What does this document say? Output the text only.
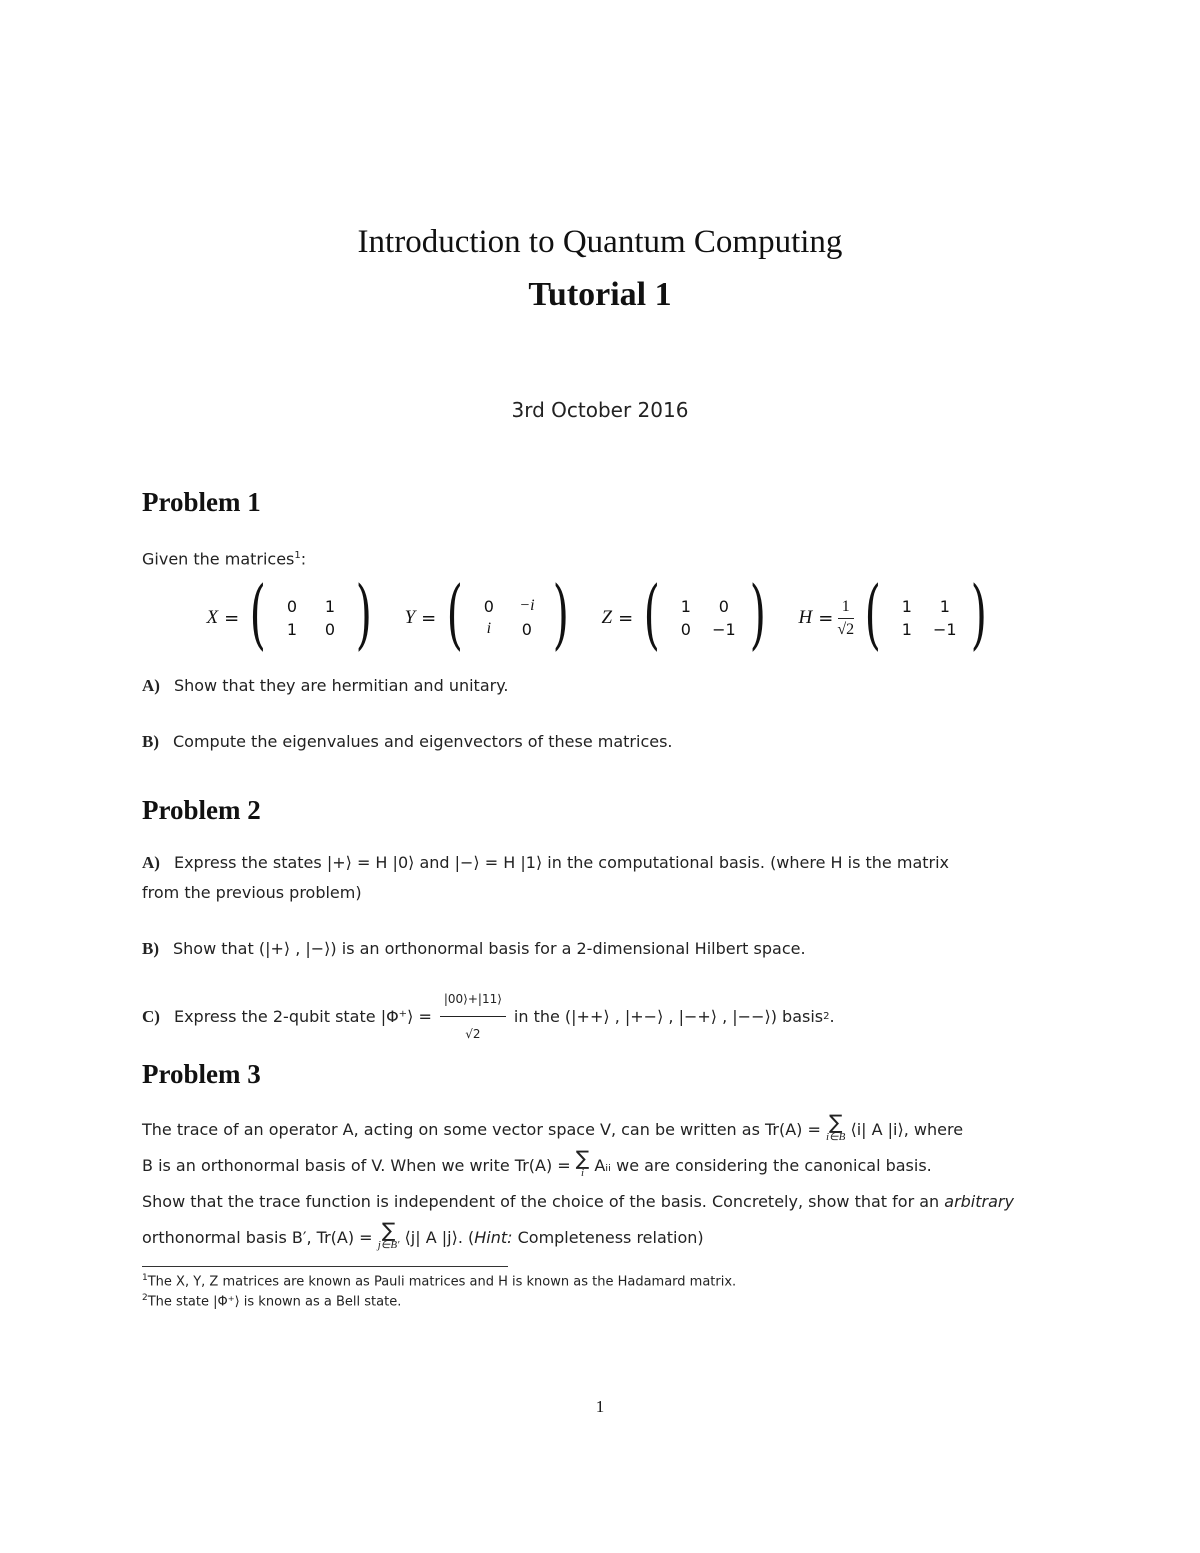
Introduction to Quantum Computing
Tutorial 1
3rd October 2016
Problem 1
Given the matrices$^1$:
X = (	0	1
1	0 ) Y = (	0	−i
i	0 ) Z = (	1	0
0	−1 ) $H = \frac{1}{√2}$ (	1	1
1	−1 )
A) Show that they are hermitian and unitary.
B) Compute the eigenvalues and eigenvectors of these matrices.
Problem 2
A) Express the states |+⟩ = H |0⟩ and |−⟩ = H |1⟩ in the computational basis. (where H is the matrix
from the previous problem)
B) Show that (|+⟩ , |−⟩) is an orthonormal basis for a 2-dimensional Hilbert space.
C) Express the 2-qubit state |Φ⁺⟩ = $\frac{|00⟩+|11⟩}{√2}$ in the (|++⟩ , |+−⟩ , |−+⟩ , |−−⟩) basis 2 .
Problem 3
The trace of an operator A, acting on some vector space V, can be written as Tr(A) = ∑
i∈B ⟨i| A |i⟩, where
B is an orthonormal basis of V. When we write Tr(A) = ∑
i Aᵢᵢ we are considering the canonical basis.
Show that the trace function is independent of the choice of the basis. Concretely, show that for an arbitrary
orthonormal basis B′, Tr(A) = ∑
j∈B′ ⟨j| A |j⟩. (Hint: Completeness relation)
$^1$The X, Y, Z matrices are known as Pauli matrices and H is known as the Hadamard matrix.
$^2$The state |Φ⁺⟩ is known as a Bell state.
1
